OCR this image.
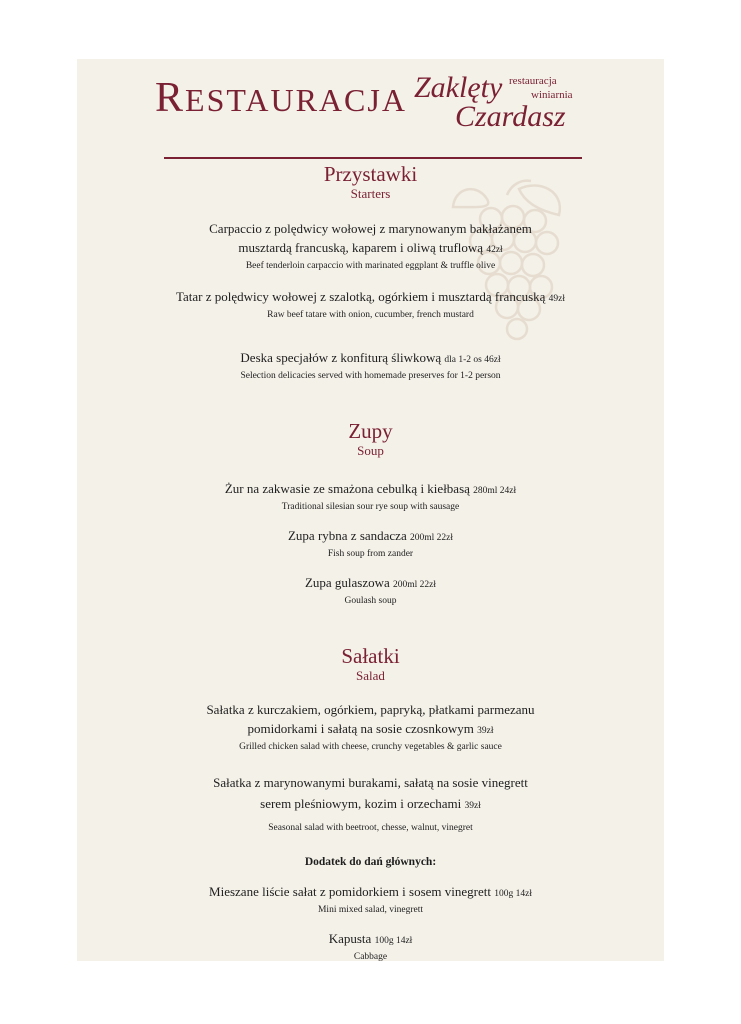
RESTAURACJA Zaklęty
Czardasz
restauracja
winiarnia
Przystawki
Starters
Carpaccio z polędwicy wołowej z marynowanym bakłażanem
musztardą francuską, kaparem i oliwą truflową 42zł
Beef tenderloin carpaccio with marinated eggplant & truffle olive
Tatar z polędwicy wołowej z szalotką, ogórkiem i musztardą francuską 49zł
Raw beef tatare with onion, cucumber, french mustard
Deska specjałów z konfiturą śliwkową dla 1-2 os 46zł
Selection delicacies served with homemade preserves for 1-2 person
Zupy
Soup
Żur na zakwasie ze smażona cebulką i kiełbasą 280ml 24zł
Traditional silesian sour rye soup with sausage
Zupa rybna z sandacza 200ml 22zł
Fish soup from zander
Zupa gulaszowa 200ml 22zł
Goulash soup
Sałatki
Salad
Sałatka z kurczakiem, ogórkiem, papryką, płatkami parmezanu
pomidorkami i sałatą na sosie czosnkowym 39zł
Grilled chicken salad with cheese, crunchy vegetables & garlic sauce
Sałatka z marynowanymi burakami, sałatą na sosie vinegrett
serem pleśniowym, kozim i orzechami 39zł
Seasonal salad with beetroot, chesse, walnut, vinegret
Dodatek do dań głównych:
Mieszane liście sałat z pomidorkiem i sosem vinegrett 100g 14zł
Mini mixed salad, vinegrett
Kapusta 100g 14zł
Cabbage
